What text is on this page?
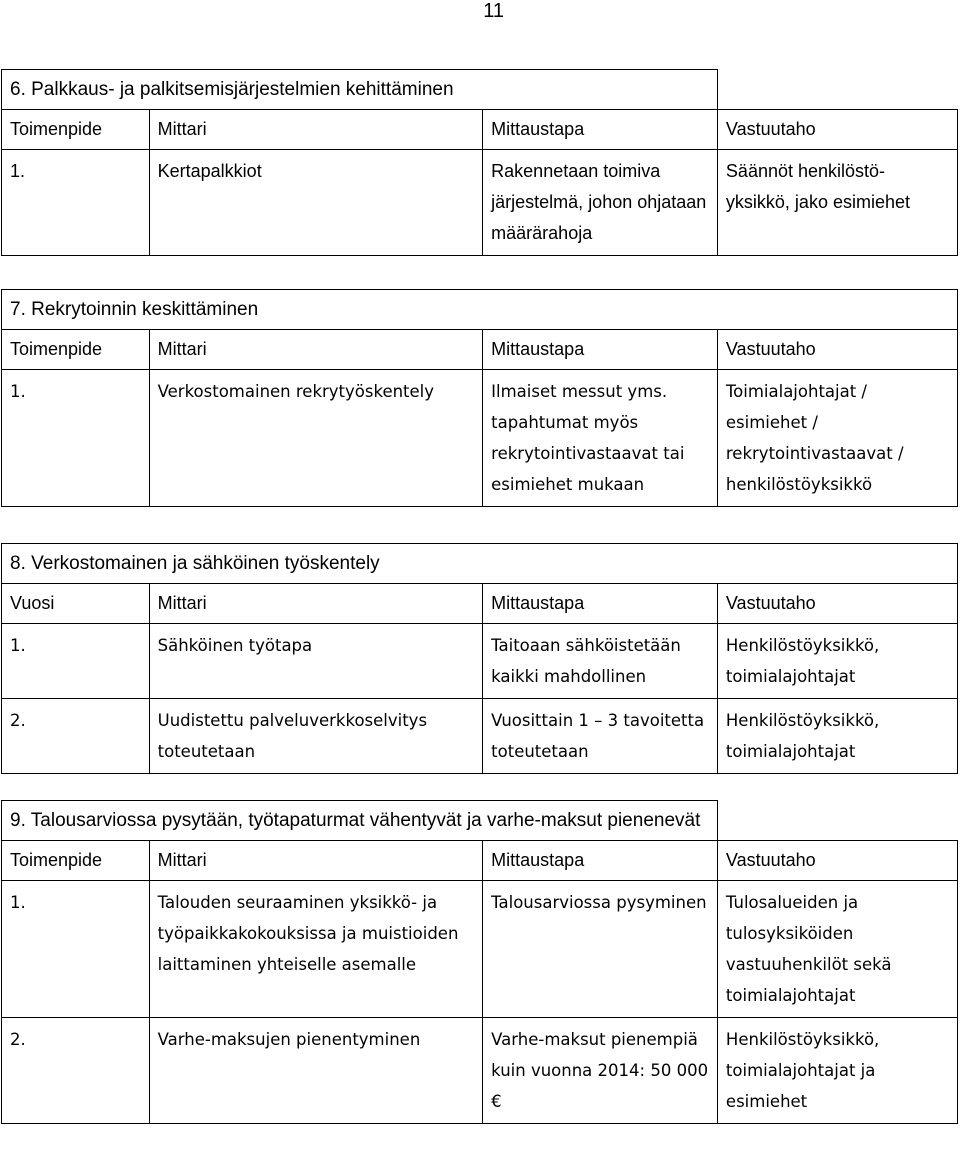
11
6. Palkkaus- ja palkitsemisjärjestelmien kehittäminen			
Toimenpide	Mittari	Mittaustapa	Vastuutaho
1.	Kertapalkkiot	Rakennetaan toimiva järjestelmä, johon ohjataan määrärahoja	Säännöt henkilöstö-yksikkö, jako esimiehet
7. Rekrytoinnin keskittäminen			
Toimenpide	Mittari	Mittaustapa	Vastuutaho
1.	Verkostomainen rekrytyöskentely	Ilmaiset messut yms. tapahtumat myös rekrytointivastaavat tai esimiehet mukaan	Toimialajohtajat / esimiehet / rekrytointivastaavat / henkilöstöyksikkö
8. Verkostomainen ja sähköinen työskentely			
Vuosi	Mittari	Mittaustapa	Vastuutaho
1.	Sähköinen työtapa	Taitoaan sähköistetään kaikki mahdollinen	Henkilöstöyksikkö, toimialajohtajat
2.	Uudistettu palveluverkkoselvitys toteutetaan	Vuosittain 1 – 3 tavoitetta toteutetaan	Henkilöstöyksikkö, toimialajohtajat
9. Talousarviossa pysytään, työtapaturmat vähentyvät ja varhe-maksut pienenevät			
Toimenpide	Mittari	Mittaustapa	Vastuutaho
1.	Talouden seuraaminen yksikkö- ja työpaikkakokouksissa ja muistioiden laittaminen yhteiselle asemalle	Talousarviossa pysyminen	Tulosalueiden ja tulosyksiköiden vastuuhenkilöt sekä toimialajohtajat
2.	Varhe-maksujen pienentyminen	Varhe-maksut pienempiä kuin vuonna 2014: 50 000 €	Henkilöstöyksikkö, toimialajohtajat ja esimiehet
